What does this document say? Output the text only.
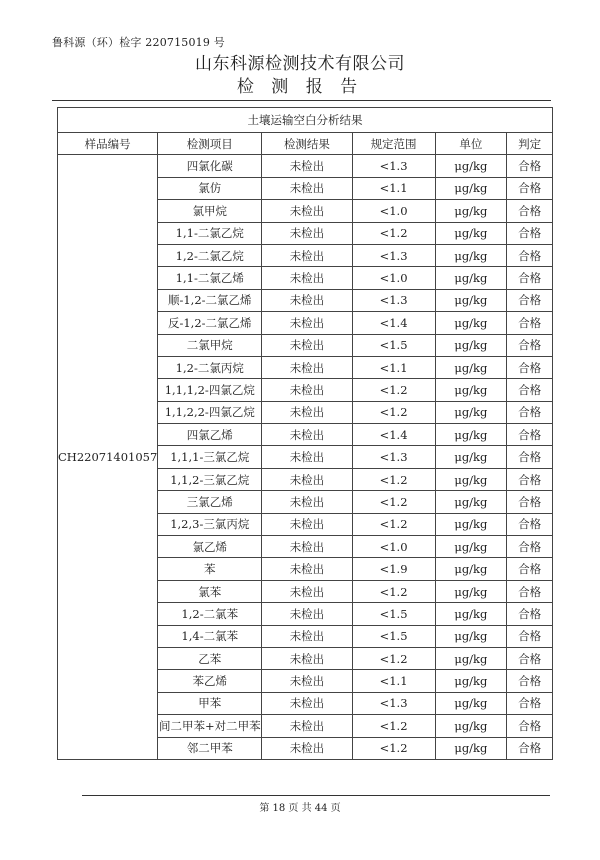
鲁科源（环）检字 220715019 号
山东科源检测技术有限公司
检 测 报 告
土壤运输空白分析结果					
样品编号	检测项目	检测结果	规定范围	单位	判定
CH22071401057	四氯化碳	未检出	<1.3	μg/kg	合格
	氯仿	未检出	<1.1	μg/kg	合格
	氯甲烷	未检出	<1.0	μg/kg	合格
	1,1-二氯乙烷	未检出	<1.2	μg/kg	合格
	1,2-二氯乙烷	未检出	<1.3	μg/kg	合格
	1,1-二氯乙烯	未检出	<1.0	μg/kg	合格
	顺-1,2-二氯乙烯	未检出	<1.3	μg/kg	合格
	反-1,2-二氯乙烯	未检出	<1.4	μg/kg	合格
	二氯甲烷	未检出	<1.5	μg/kg	合格
	1,2-二氯丙烷	未检出	<1.1	μg/kg	合格
	1,1,1,2-四氯乙烷	未检出	<1.2	μg/kg	合格
	1,1,2,2-四氯乙烷	未检出	<1.2	μg/kg	合格
	四氯乙烯	未检出	<1.4	μg/kg	合格
	1,1,1-三氯乙烷	未检出	<1.3	μg/kg	合格
	1,1,2-三氯乙烷	未检出	<1.2	μg/kg	合格
	三氯乙烯	未检出	<1.2	μg/kg	合格
	1,2,3-三氯丙烷	未检出	<1.2	μg/kg	合格
	氯乙烯	未检出	<1.0	μg/kg	合格
	苯	未检出	<1.9	μg/kg	合格
	氯苯	未检出	<1.2	μg/kg	合格
	1,2-二氯苯	未检出	<1.5	μg/kg	合格
	1,4-二氯苯	未检出	<1.5	μg/kg	合格
	乙苯	未检出	<1.2	μg/kg	合格
	苯乙烯	未检出	<1.1	μg/kg	合格
	甲苯	未检出	<1.3	μg/kg	合格
	间二甲苯+对二甲苯	未检出	<1.2	μg/kg	合格
	邻二甲苯	未检出	<1.2	μg/kg	合格
第 18 页 共 44 页
